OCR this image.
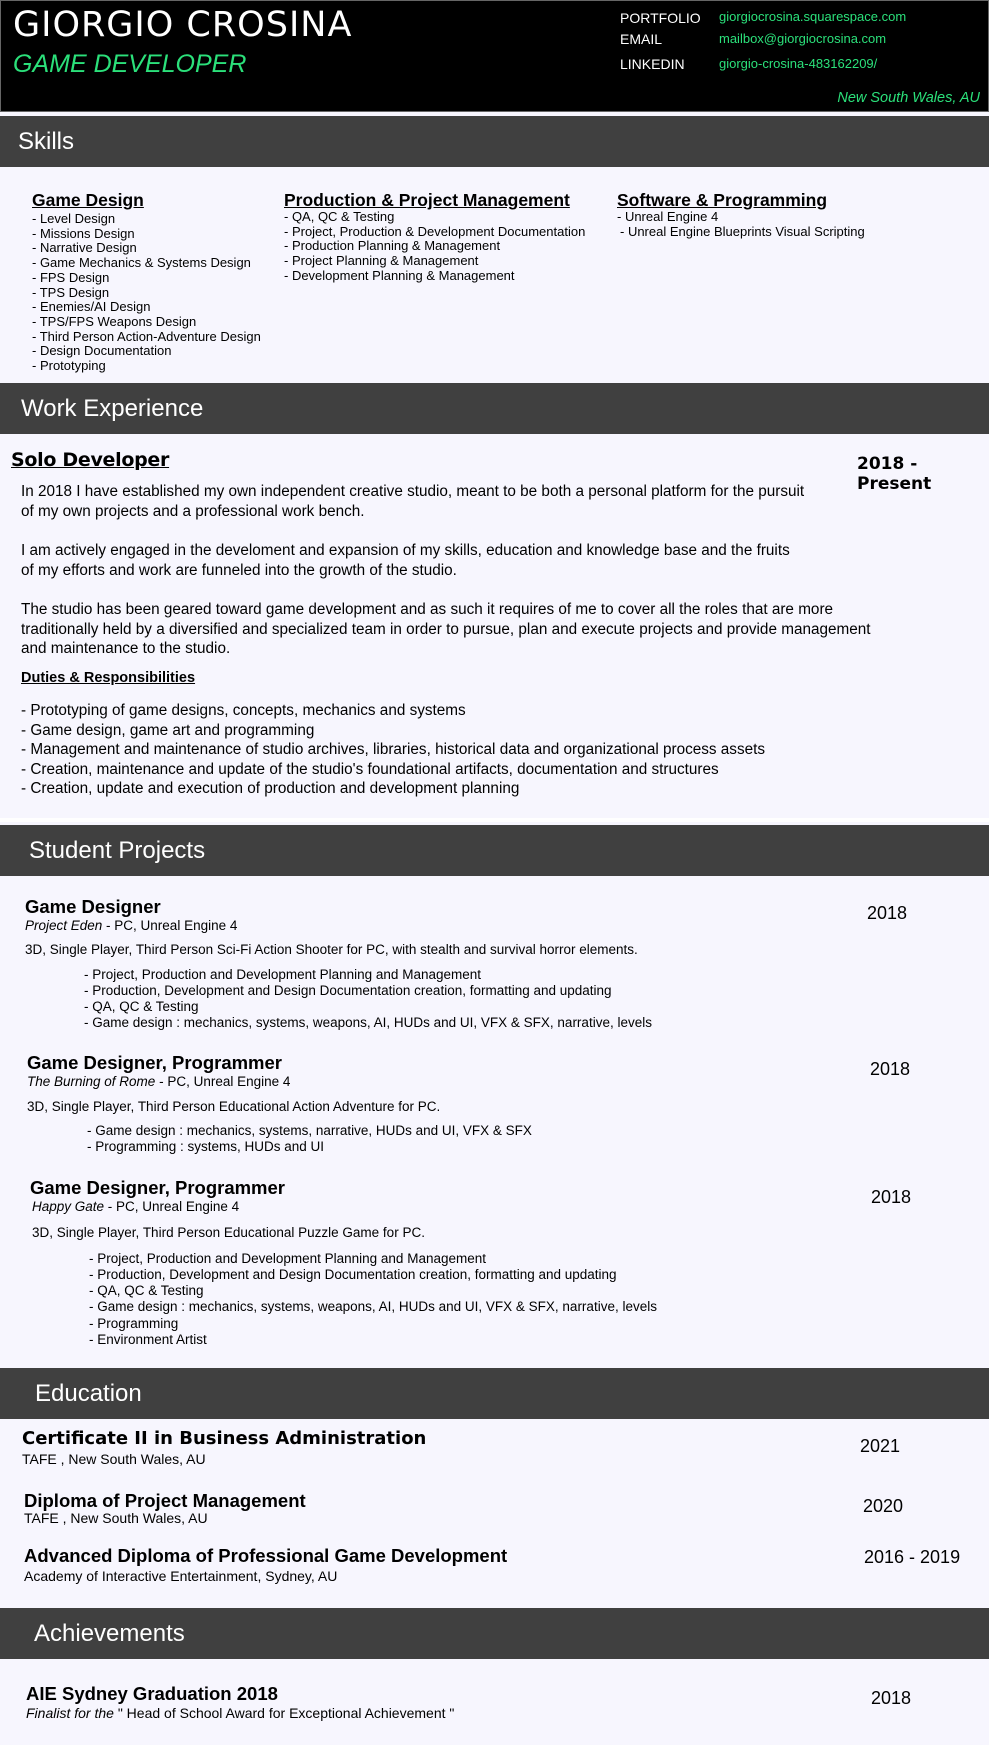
GIORGIO CROSINA
GAME DEVELOPER
PORTFOLIO giorgiocrosina.squarespace.com
EMAIL	mailbox@giorgiocrosina.com
LINKEDIN	giorgio-crosina-483162209/
New South Wales, AU
Skills
Game Design
- Level Design
- Missions Design
- Narrative Design
- Game Mechanics & Systems Design
- FPS Design
- TPS Design
- Enemies/AI Design
- TPS/FPS Weapons Design
- Third Person Action-Adventure Design
- Design Documentation
- Prototyping
Production & Project Management
- QA, QC & Testing
- Project, Production & Development Documentation
- Production Planning & Management
- Project Planning & Management
- Development Planning & Management
Software & Programming
- Unreal Engine 4
- Unreal Engine Blueprints Visual Scripting
Work Experience
Solo Developer	2018 - Present
In 2018 I have established my own independent creative studio, meant to be both a personal platform for the pursuit of my own projects and a professional work bench.
I am actively engaged in the develoment and expansion of my skills, education and knowledge base and the fruits of my efforts and work are funneled into the growth of the studio.
The studio has been geared toward game development and as such it requires of me to cover all the roles that are more traditionally held by a diversified and specialized team in order to pursue, plan and execute projects and provide management and maintenance to the studio.
Duties & Responsibilities
- Prototyping of game designs, concepts, mechanics and systems
- Game design, game art and programming
- Management and maintenance of studio archives, libraries, historical data and organizational process assets
- Creation, maintenance and update of the studio's foundational artifacts, documentation and structures
- Creation, update and execution of production and development planning
Student Projects
Game Designer
Project Eden - PC, Unreal Engine 4
2018
3D, Single Player, Third Person Sci-Fi Action Shooter for PC, with stealth and survival horror elements.
- Project, Production and Development Planning and Management
- Production, Development and Design Documentation creation, formatting and updating
- QA, QC & Testing
- Game design : mechanics, systems, weapons, AI, HUDs and UI, VFX & SFX, narrative, levels
Game Designer, Programmer
The Burning of Rome - PC, Unreal Engine 4
2018
3D, Single Player, Third Person Educational Action Adventure for PC.
- Game design : mechanics, systems, narrative, HUDs and UI, VFX & SFX
- Programming : systems, HUDs and UI
Game Designer, Programmer
Happy Gate - PC, Unreal Engine 4	2018
3D, Single Player, Third Person Educational Puzzle Game for PC.
- Project, Production and Development Planning and Management
- Production, Development and Design Documentation creation, formatting and updating
- QA, QC & Testing
- Game design : mechanics, systems, weapons, AI, HUDs and UI, VFX & SFX, narrative, levels
- Programming
- Environment Artist
Education
Certificate II in Business Administration
TAFE , New South Wales, AU
2021
Diploma of Project Management
TAFE , New South Wales, AU
2020
Advanced Diploma of Professional Game Development
Academy of Interactive Entertainment, Sydney, AU
2016 - 2019
Achievements
AIE Sydney Graduation 2018
Finalist for the " Head of School Award for Exceptional Achievement "
2018
